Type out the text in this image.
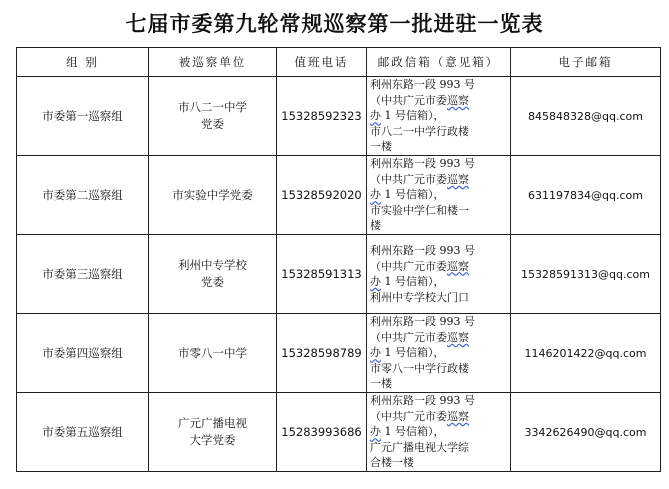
七届市委第九轮常规巡察第一批进驻一览表
组 别	被巡察单位	值班电话	邮政信箱（意见箱）	电子邮箱
市委第一巡察组	市八二一中学
党委	15328592323	利州东路一段 993 号
（中共广元市委巡察
办 1 号信箱），
市八二一中学行政楼
一楼	845848328@qq.com
市委第二巡察组	市实验中学党委	15328592020	利州东路一段 993 号
（中共广元市委巡察
办 1 号信箱），
市实验中学仁和楼一
楼	631197834@qq.com
市委第三巡察组	利州中专学校
党委	15328591313	利州东路一段 993 号
（中共广元市委巡察
办 1 号信箱），
利州中专学校大门口	15328591313@qq.com
市委第四巡察组	市零八一中学	15328598789	利州东路一段 993 号
（中共广元市委巡察
办 1 号信箱），
市零八一中学行政楼
一楼	1146201422@qq.com
市委第五巡察组	广元广播电视
大学党委	15283993686	利州东路一段 993 号
（中共广元市委巡察
办 1 号信箱），
广元广播电视大学综
合楼一楼	3342626490@qq.com
